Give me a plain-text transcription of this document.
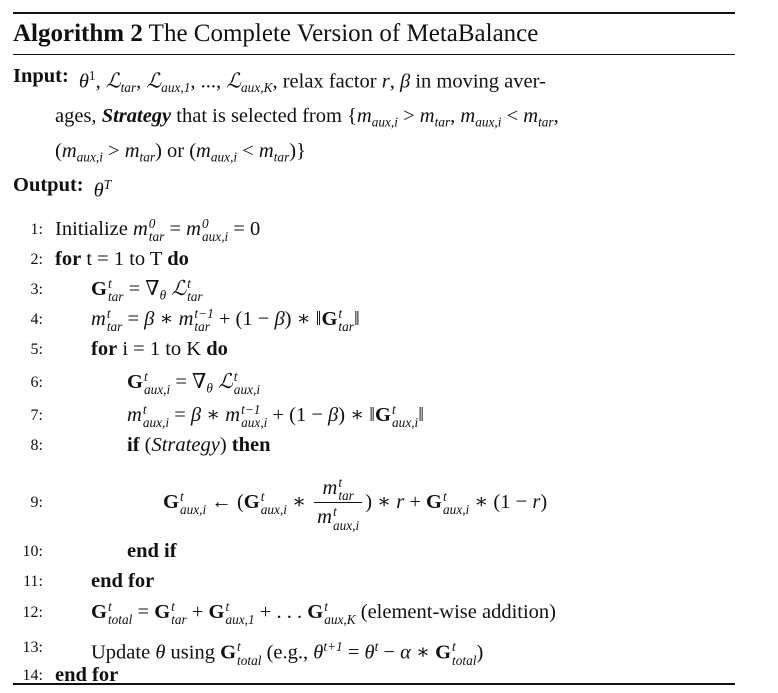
Algorithm 2 The Complete Version of MetaBalance
Input: $\theta^1$, ℒ$_{tar}$, ℒ$_{aux,1}$, ..., ℒ$_{aux,K}$, relax factor r, β in moving aver-
ages, Strategy that is selected from {$m_{aux,i} > m_{tar}$, $m_{aux,i} < m_{tar}$,
$(m_{aux,i} > m_{tar})$ or $(m_{aux,i} < m_{tar})$}
Output: $\theta^T$
1: Initialize m 0
tar = m 0
aux,i = 0
2: for t = 1 to T do
3: G t
tar = $\nabla_\theta$ ℒ t
tar
4: m t
tar = β ∗ m t−1
tar + (1 − β) ∗ ‖G t
tar ‖
5: for i = 1 to K do
6:	G t
$aux,i = \nabla_\theta$ ℒ t
aux,i
7:	m t
aux,i = β ∗ m t−1
aux,i + (1 − β) ∗ ‖G t
aux,i ‖
8:	if (Strategy) then
9:	G t
aux,i ← (G t
aux,i ∗ m t
tar
m t
aux,i ) ∗ r + G t
aux,i ∗ (1 − r)
10:	end if
11: end for
12: G t
total = G t
tar + G t
aux,1 + . . . G t
aux,K (element-wise addition)
13: Update θ using G t
total (e.g., $\theta^{t+1} = \theta^t - \alpha$ ∗ G t
total )
14: end for
